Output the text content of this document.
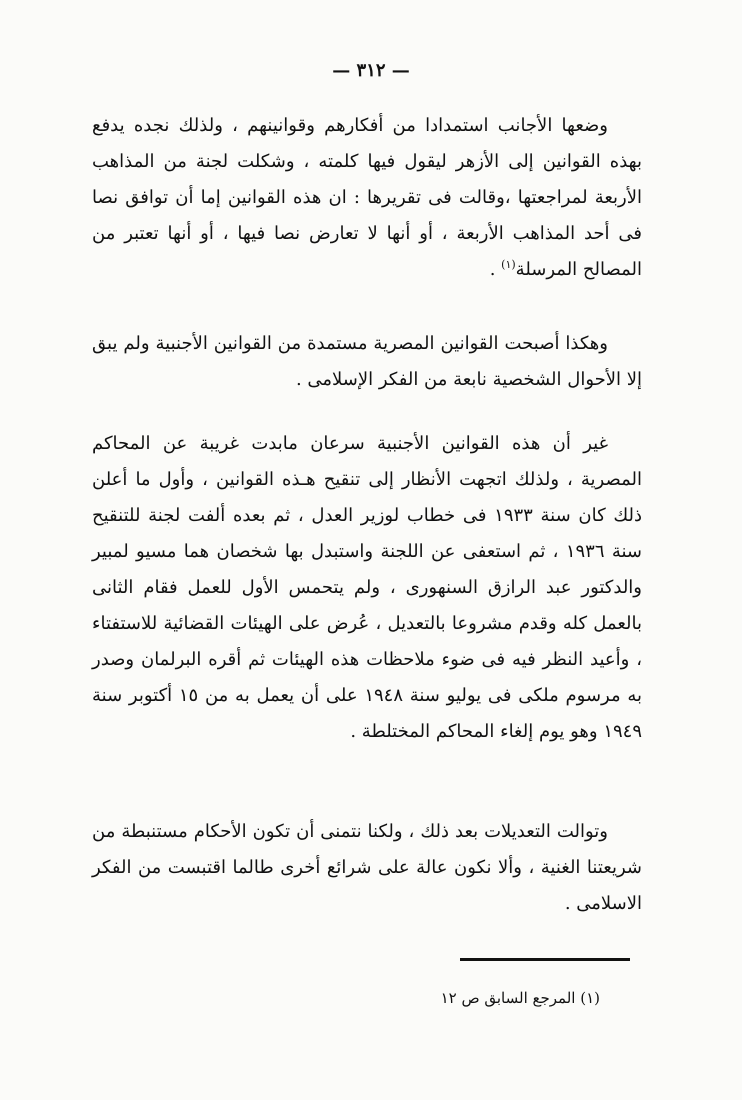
— ٣١٢ —

وضعها الأجانب استمدادا من أفكارهم وقوانينهم ، ولذلك نجده يدفع بهذه القوانين إلى الأزهر ليقول فيها كلمته ، وشكلت لجنة من المذاهب الأربعة لمراجعتها ،وقالت فى تقريرها : ان هذه القوانين إما أن توافق نصا فى أحد المذاهب الأربعة ، أو أنها لا تعارض نصا فيها ، أو أنها تعتبر من المصالح المرسلة$^{(١)}$ .

وهكذا أصبحت القوانين المصرية مستمدة من القوانين الأجنبية ولم يبق إلا الأحوال الشخصية نابعة من الفكر الإسلامى .

غير أن هذه القوانين الأجنبية سرعان مابدت غريبة عن المحاكم المصرية ، ولذلك اتجهت الأنظار إلى تنقيح هـذه القوانين ، وأول ما أعلن ذلك كان سنة ١٩٣٣ فى خطاب لوزير العدل ، ثم بعده ألفت لجنة للتنقيح سنة ١٩٣٦ ، ثم استعفى عن اللجنة واستبدل بها شخصان هما مسيو لمبير والدكتور عبد الرازق السنهورى ، ولم يتحمس الأول للعمل فقام الثانى بالعمل كله وقدم مشروعا بالتعديل ، عُرض على الهيئات القضائية للاستفتاء ، وأعيد النظر فيه فى ضوء ملاحظات هذه الهيئات ثم أقره البرلمان وصدر به مرسوم ملكى فى يوليو سنة ١٩٤٨ على أن يعمل به من ١٥ أكتوبر سنة ١٩٤٩ وهو يوم إلغاء المحاكم المختلطة .

وتوالت التعديلات بعد ذلك ، ولكنا نتمنى أن تكون الأحكام مستنبطة من شريعتنا الغنية ، وألا نكون عالة على شرائع أخرى طالما اقتبست من الفكر الاسلامى .

(١) المرجع السابق ص ١٢
